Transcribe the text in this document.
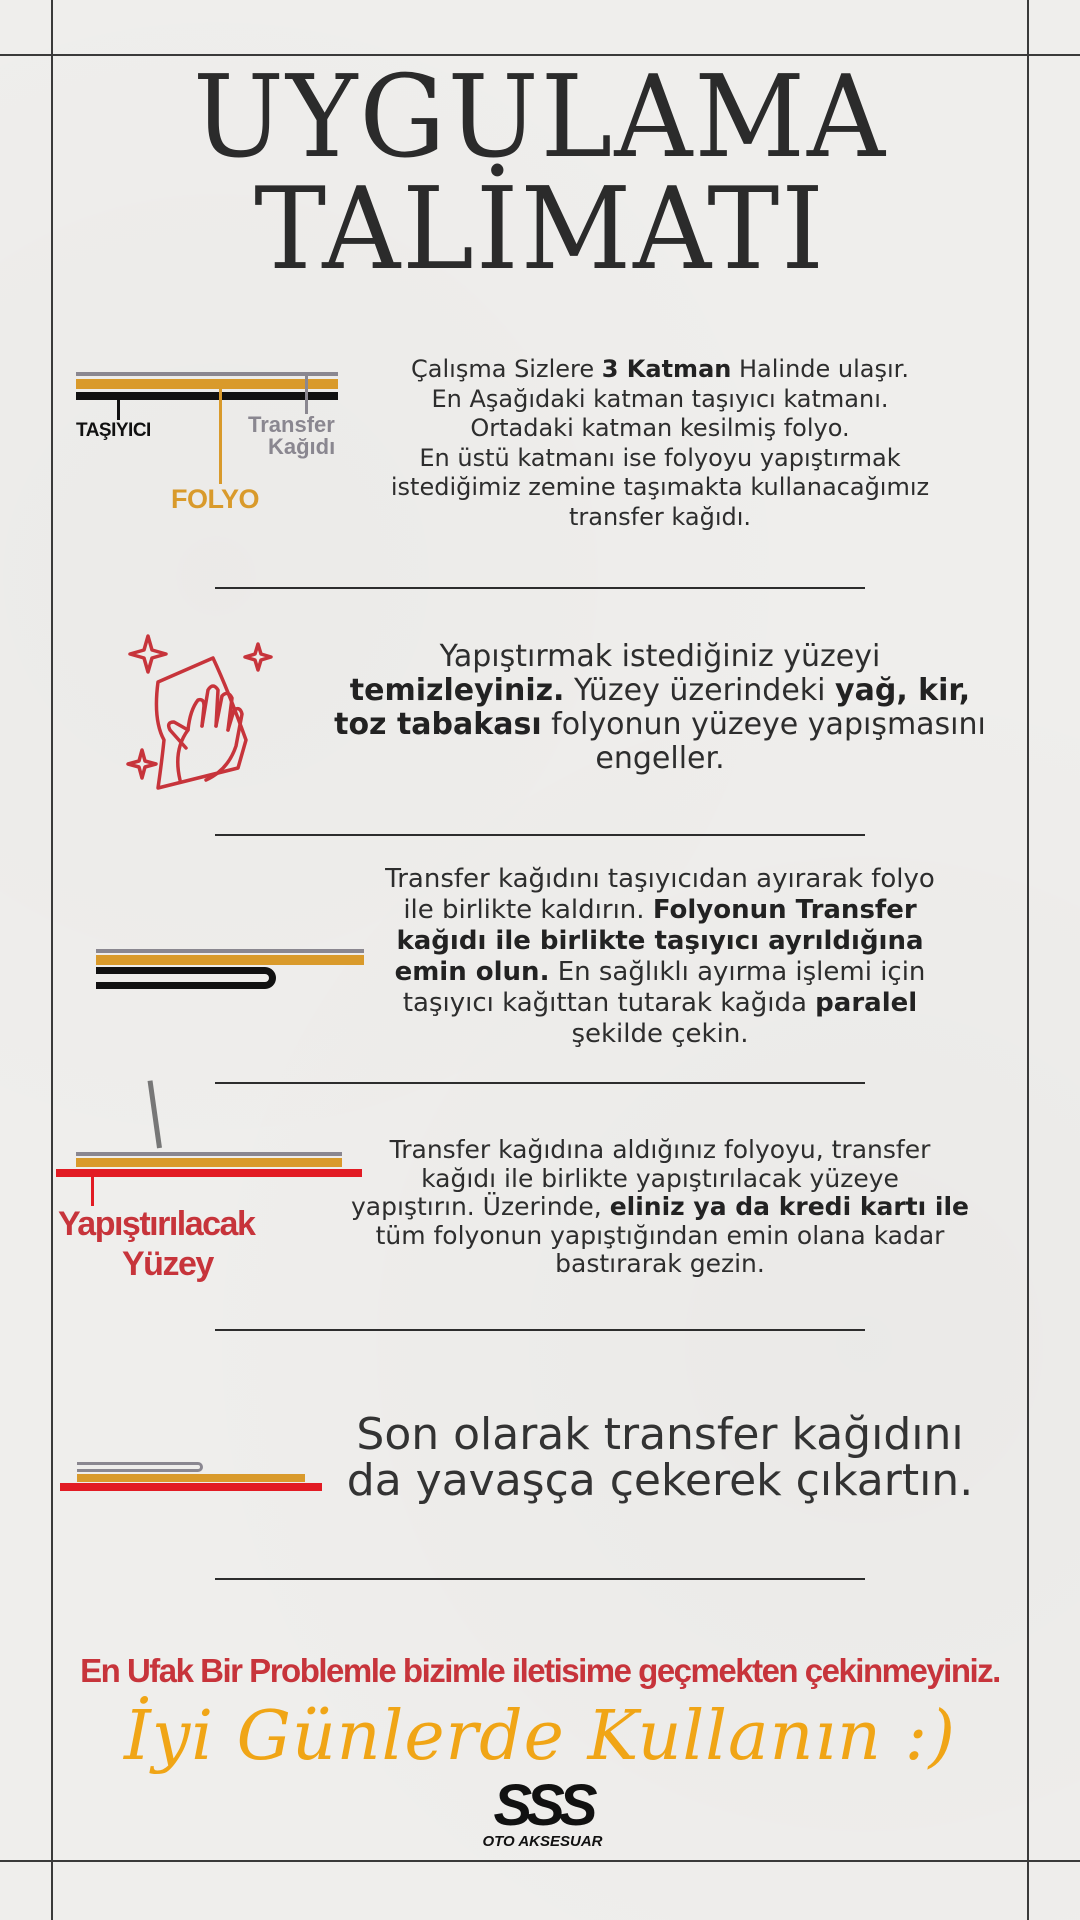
UYGULAMA
TALİMATI
TAŞIYICI
FOLYO
Transfer
Kağıdı
Çalışma Sizlere 3 Katman Halinde ulaşır.
En Aşağıdaki katman taşıyıcı katmanı.
Ortadaki katman kesilmiş folyo.
En üstü katmanı ise folyoyu yapıştırmak
istediğimiz zemine taşımakta kullanacağımız
transfer kağıdı.
Yapıştırmak istediğiniz yüzeyi
temizleyiniz. Yüzey üzerindeki yağ, kir,
toz tabakası folyonun yüzeye yapışmasını
engeller.
Transfer kağıdını taşıyıcıdan ayırarak folyo
ile birlikte kaldırın. Folyonun Transfer
kağıdı ile birlikte taşıyıcı ayrıldığına
emin olun. En sağlıklı ayırma işlemi için
taşıyıcı kağıttan tutarak kağıda paralel
şekilde çekin.
Yapıştırılacak
Yüzey
Transfer kağıdına aldığınız folyoyu, transfer
kağıdı ile birlikte yapıştırılacak yüzeye
yapıştırın. Üzerinde, eliniz ya da kredi kartı ile
tüm folyonun yapıştığından emin olana kadar
bastırarak gezin.
Son olarak transfer kağıdını
da yavaşça çekerek çıkartın.
En Ufak Bir Problemle bizimle iletisime geçmekten çekinmeyiniz.
İyi Günlerde Kullanın :)
SSS
OTO AKSESUAR
